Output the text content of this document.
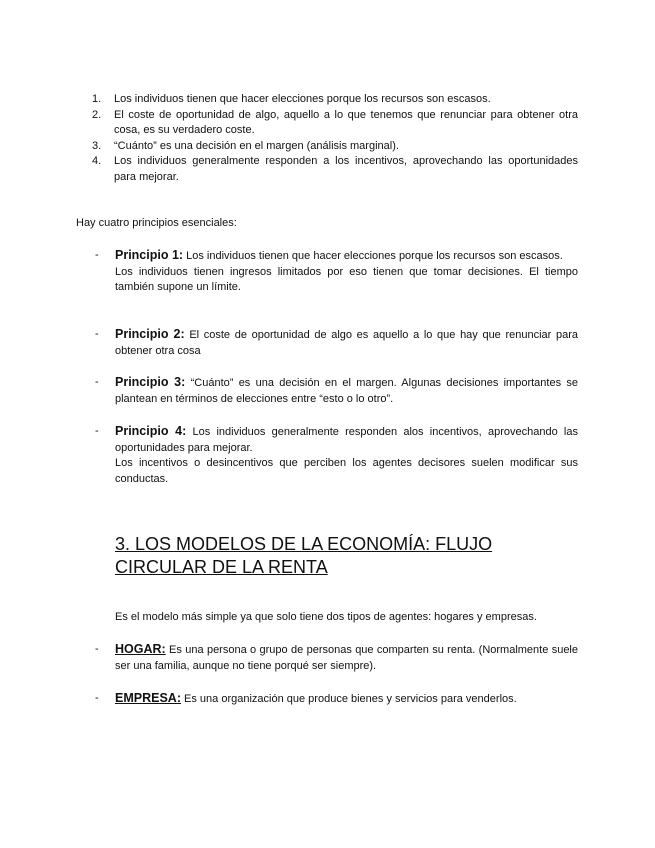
1. Los individuos tienen que hacer elecciones porque los recursos son escasos.
2. El coste de oportunidad de algo, aquello a lo que tenemos que renunciar para obtener otra cosa, es su verdadero coste.
3. “Cuánto” es una decisión en el margen (análisis marginal).
4. Los individuos generalmente responden a los incentivos, aprovechando las oportunidades para mejorar.

Hay cuatro principios esenciales:

- Principio 1: Los individuos tienen que hacer elecciones porque los recursos son escasos.

Los individuos tienen ingresos limitados por eso tienen que tomar decisiones. El tiempo también supone un límite.

- Principio 2: El coste de oportunidad de algo es aquello a lo que hay que renunciar para obtener otra cosa

- Principio 3: “Cuánto” es una decisión en el margen. Algunas decisiones importantes se plantean en términos de elecciones entre “esto o lo otro”.

- Principio 4: Los individuos generalmente responden alos incentivos, aprovechando las oportunidades para mejorar.

Los incentivos o desincentivos que perciben los agentes decisores suelen modificar sus conductas.

3. LOS MODELOS DE LA ECONOMÍA: FLUJO CIRCULAR DE LA RENTA

Es el modelo más simple ya que solo tiene dos tipos de agentes: hogares y empresas.

- HOGAR: Es una persona o grupo de personas que comparten su renta. (Normalmente suele ser una familia, aunque no tiene porqué ser siempre).

- EMPRESA: Es una organización que produce bienes y servicios para venderlos.
